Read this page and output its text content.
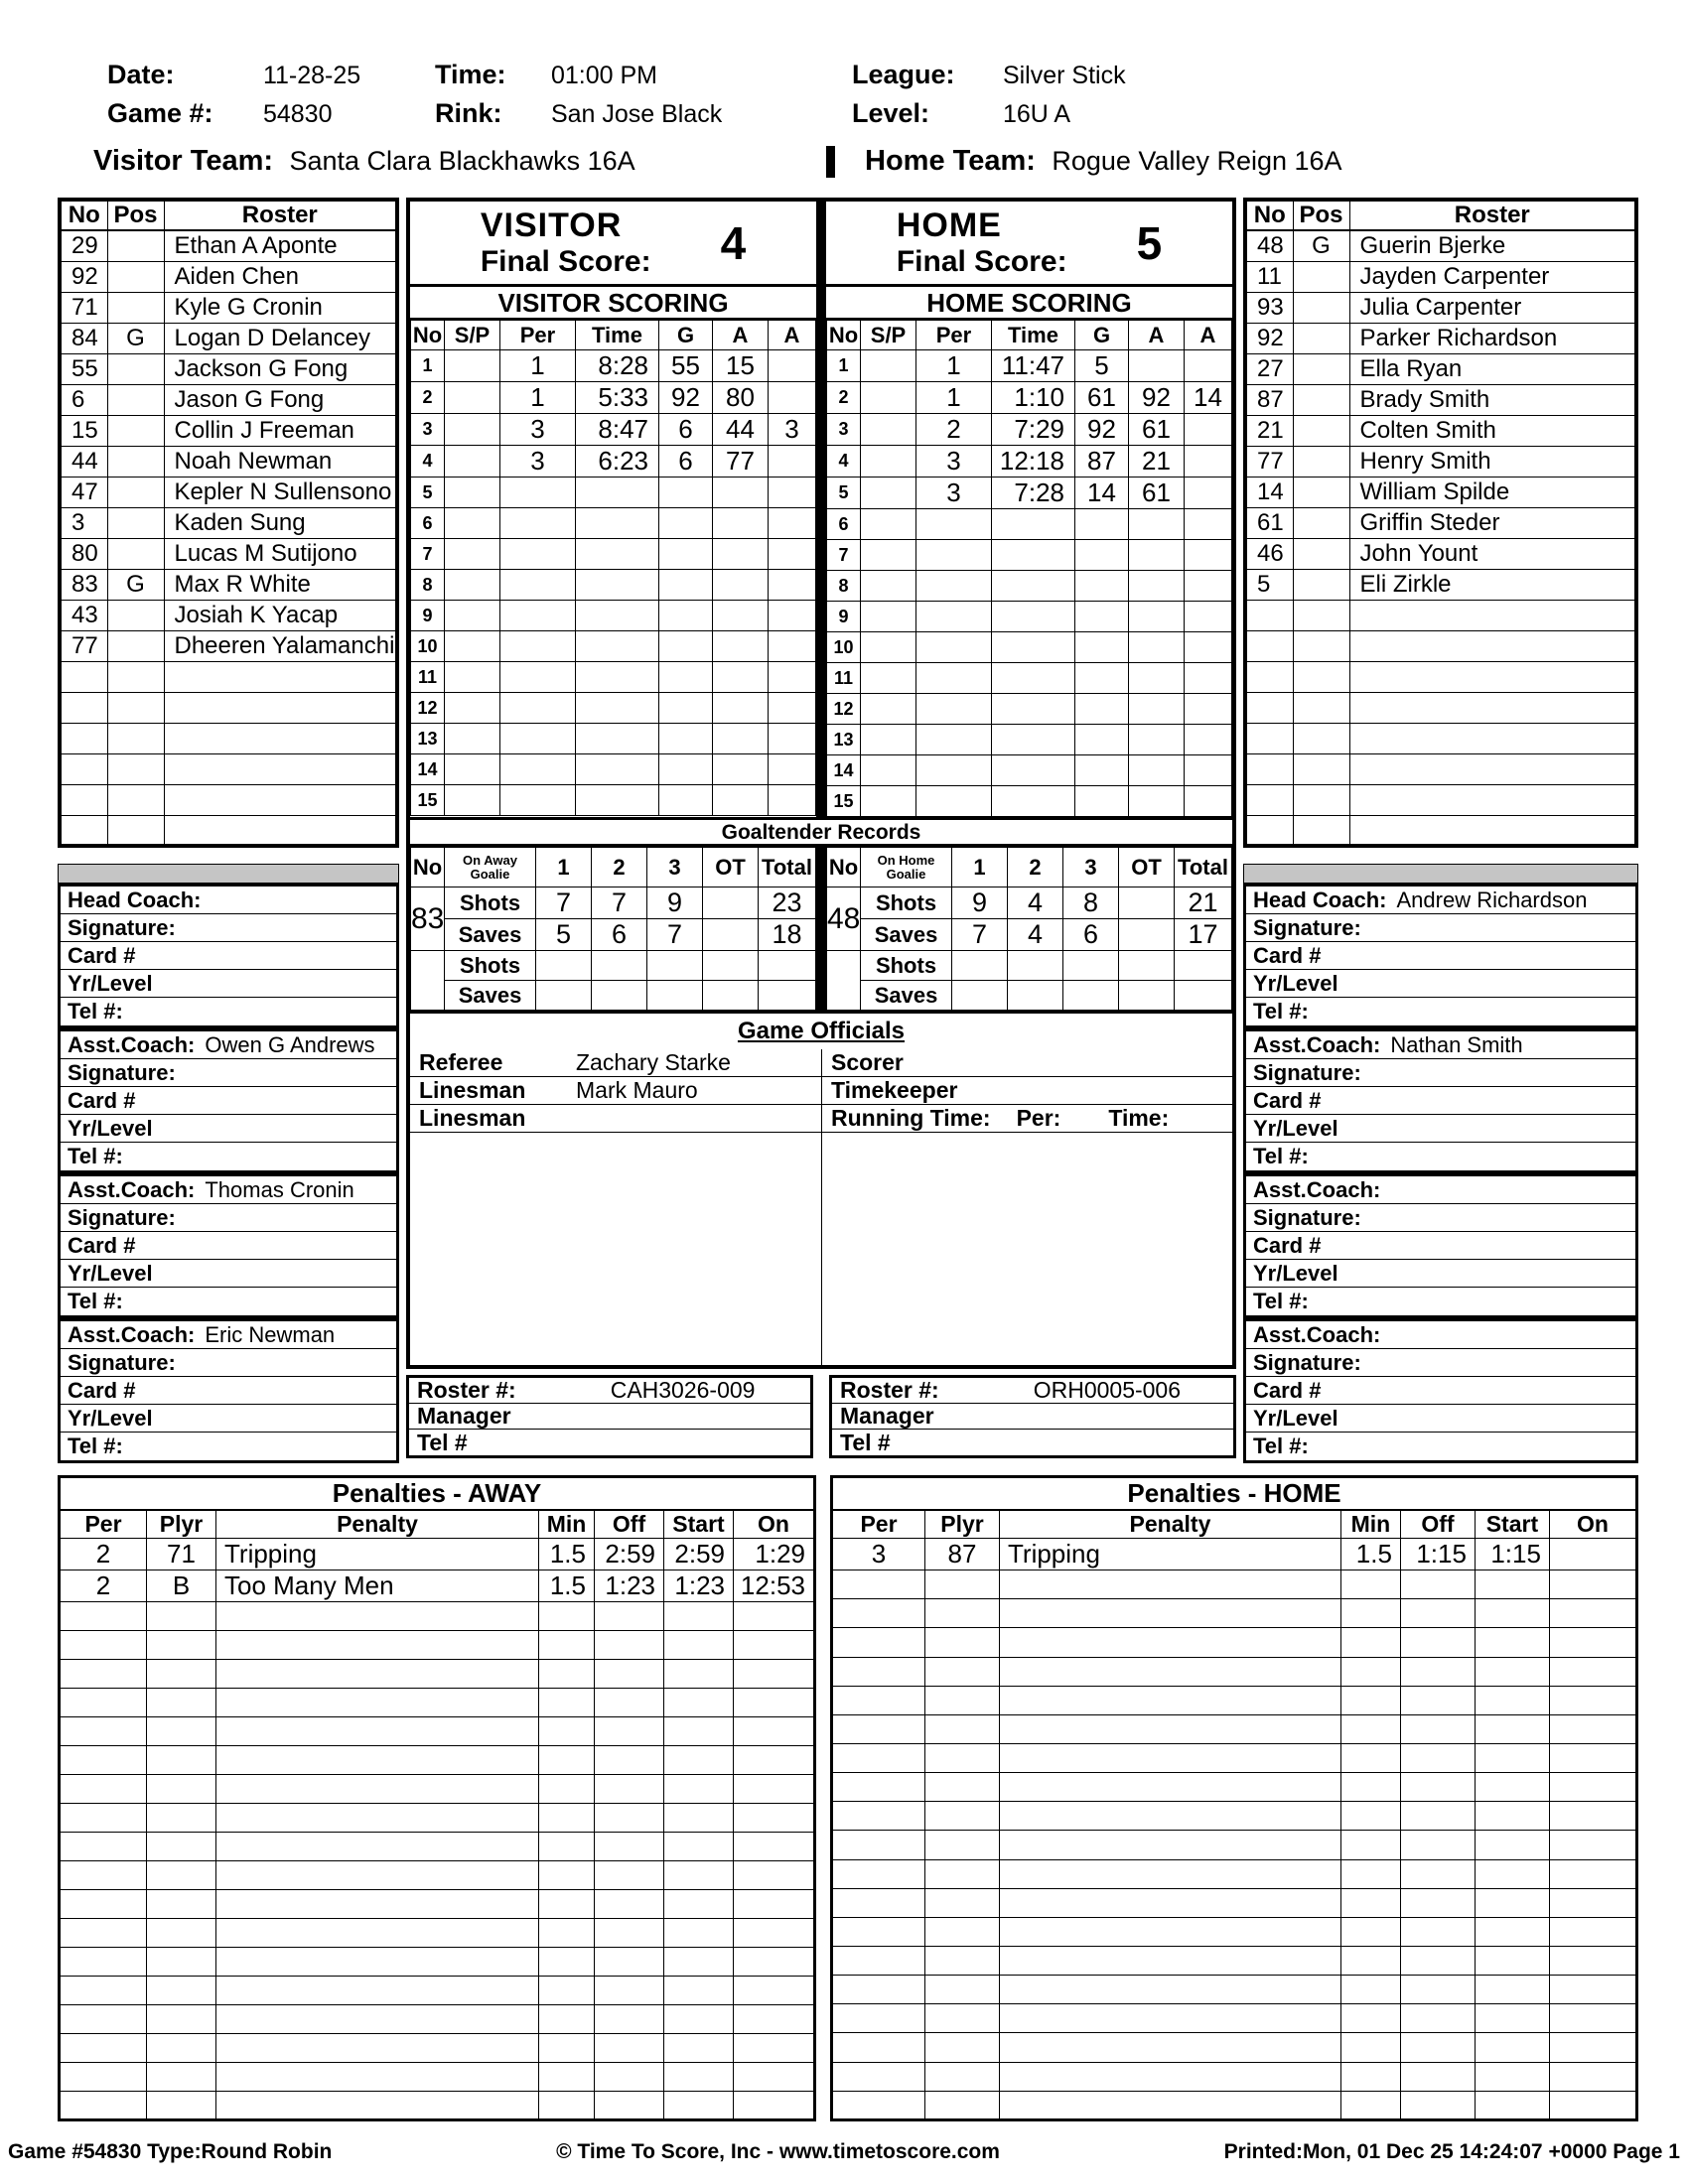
Date:	11-28-25	Time: 01:00 PM	League: Silver Stick
Game #: 54830	Rink: San Jose Black	Level:	16U A
Visitor Team: Santa Clara Blackhawks 16A	Home Team: Rogue Valley Reign 16A
No	Pos	Roster
29		Ethan A Aponte
92		Aiden Chen
71		Kyle G Cronin
84	G	Logan D Delancey
55		Jackson G Fong
6		Jason G Fong
15		Collin J Freeman
44		Noah Newman
47		Kepler N Sullensono
3		Kaden Sung
80		Lucas M Sutijono
83	G	Max R White
43		Josiah K Yacap
77		Dheeren Yalamanchi

Head Coach:
Signature:
Card #
Yr/Level
Tel #:
Asst.Coach: Owen G Andrews
Signature:
Card #
Yr/Level
Tel #:
Asst.Coach: Thomas Cronin
Signature:
Card #
Yr/Level
Tel #:
Asst.Coach: Eric Newman
Signature:
Card #
Yr/Level
Tel #:
VISITOR
Final Score: 4
VISITOR SCORING
No	S/P	Per	Time	G	A	A
1		1	8:28	55	15	
2		1	5:33	92	80	
3		3	8:47	6	44	3
4		3	6:23	6	77	
5						
6						
7						
8						
9						
10						
11						
12						
13						
14						
15						
HOME
Final Score: 5
HOME SCORING
No	S/P	Per	Time	G	A	A
1		1	11:47	5		
2		1	1:10	61	92	14
3		2	7:29	92	61	
4		3	12:18	87	21	
5		3	7:28	14	61	
6						
7						
8						
9						
10						
11						
12						
13						
14						
15						
Goaltender Records
No	On Away Goalie	1	2	3	OT	Total
83	Shots	7	7	9		23
	Saves	5	6	7		18
	Shots					
	Saves					
No	On Home Goalie	1	2	3	OT	Total
48	Shots	9	4	8		21
	Saves	7	4	6		17
	Shots					
	Saves					
Game Officials
Referee	Zachary Starke
Linesman	Mark Mauro
Linesman
Scorer
Timekeeper
Running Time: Per: Time:
Roster #:	CAH3026-009
Manager
Tel #
Roster #:	ORH0005-006
Manager
Tel #
No	Pos	Roster
48	G	Guerin Bjerke
11		Jayden Carpenter
93		Julia Carpenter
92		Parker Richardson
27		Ella Ryan
87		Brady Smith
21		Colten Smith
77		Henry Smith
14		William Spilde
61		Griffin Steder
46		John Yount
5		Eli Zirkle

Head Coach: Andrew Richardson
Signature:
Card #
Yr/Level
Tel #:
Asst.Coach: Nathan Smith
Signature:
Card #
Yr/Level
Tel #:
Asst.Coach:
Signature:
Card #
Yr/Level
Tel #:
Asst.Coach:
Signature:
Card #
Yr/Level
Tel #:
Penalties - AWAY						
Per	Plyr	Penalty	Min	Off	Start	On
2	71	Tripping	1.5	2:59	2:59	1:29
2	B	Too Many Men	1.5	1:23	1:23	12:53

Penalties - HOME						
Per	Plyr	Penalty	Min	Off	Start	On
3	87	Tripping	1.5	1:15	1:15	

Game #54830 Type:Round Robin	© Time To Score, Inc - www.timetoscore.com	Printed:Mon, 01 Dec 25 14:24:07 +0000 Page 1
